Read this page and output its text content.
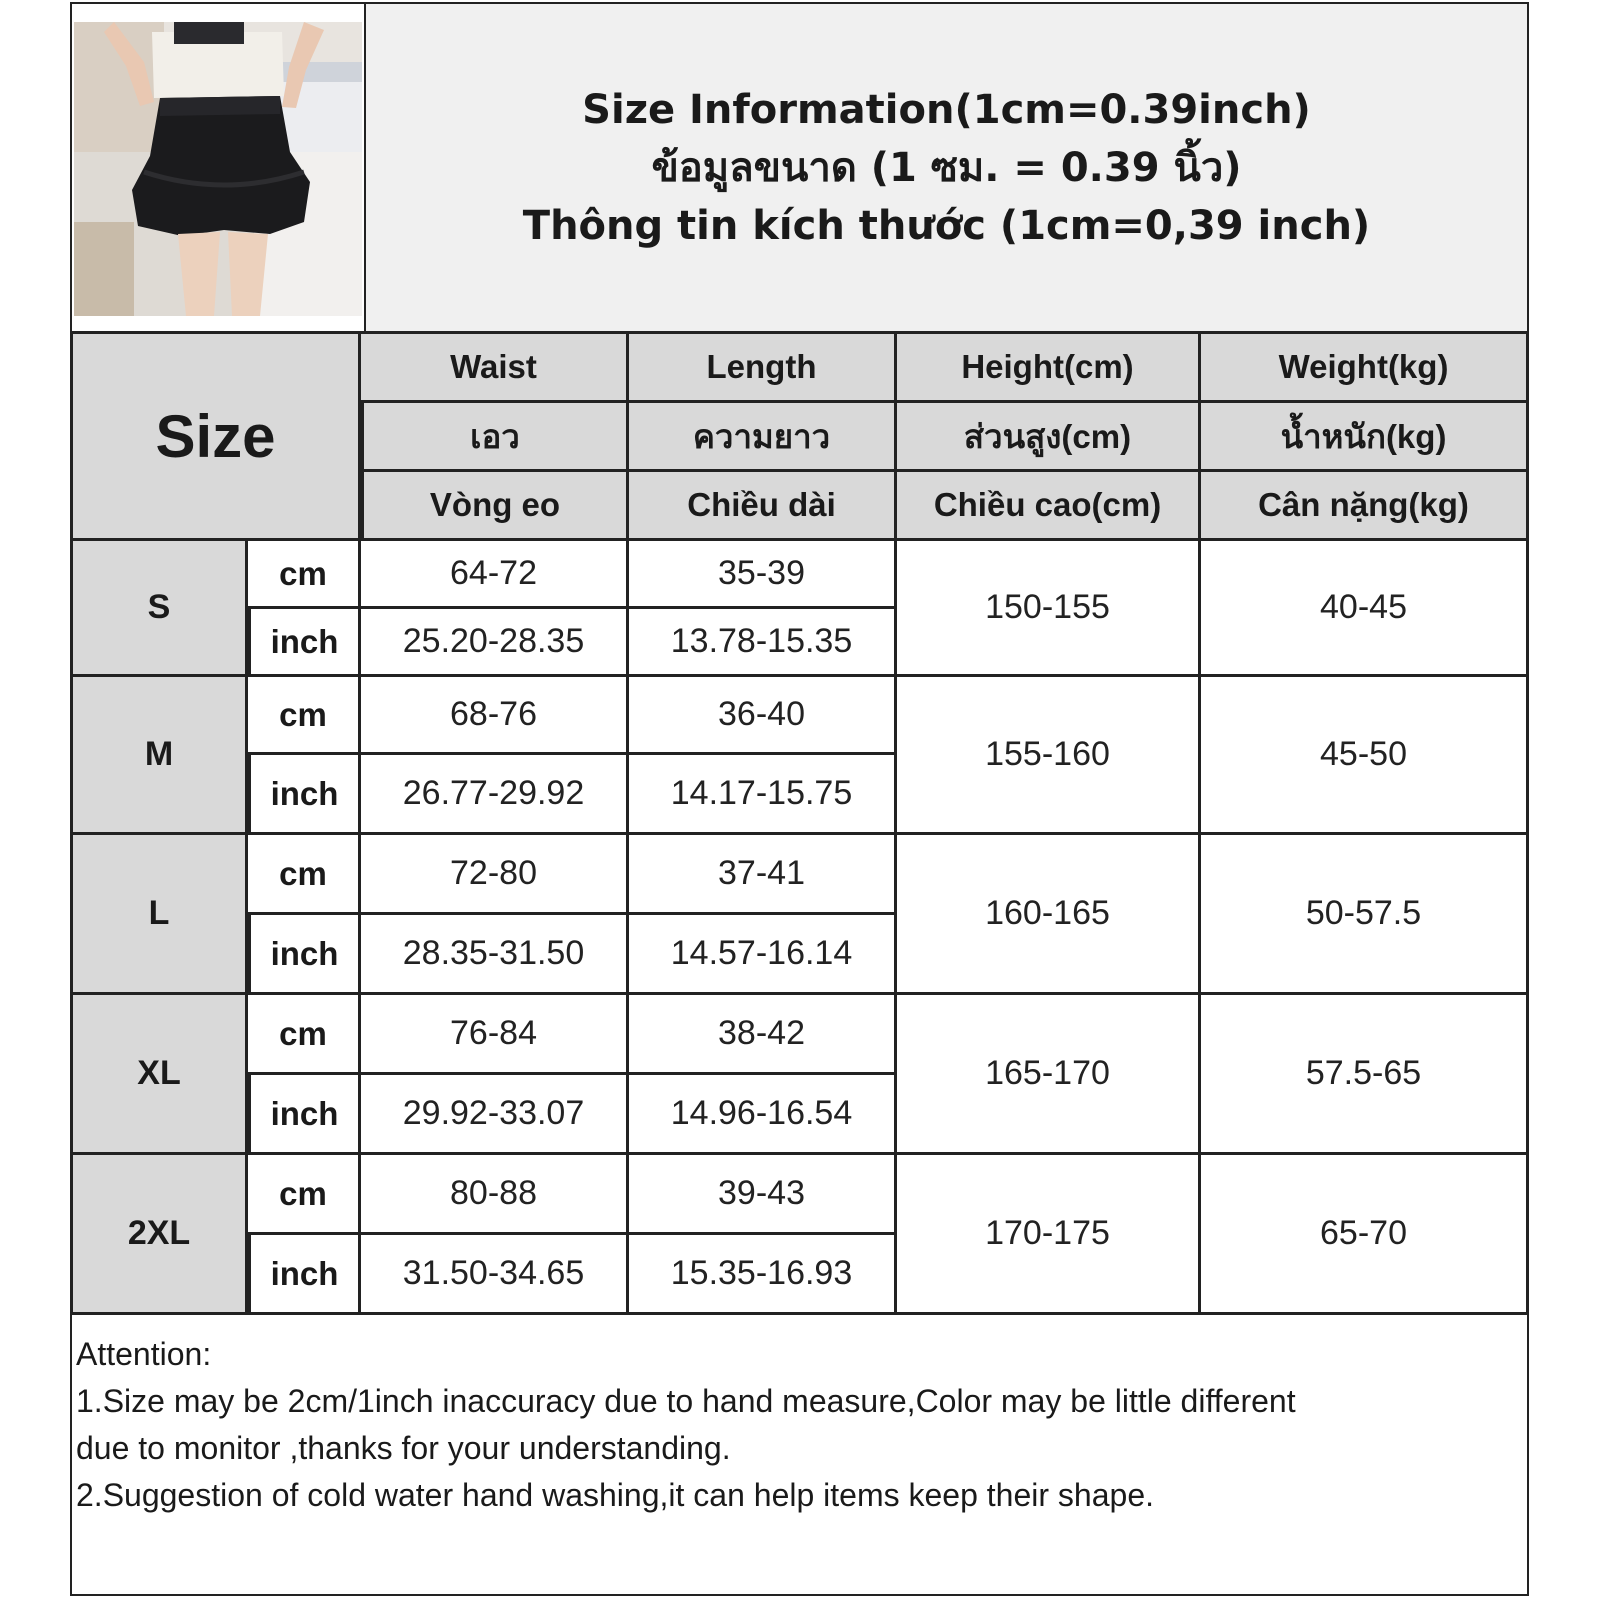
Size Information(1cm=0.39inch)
ข้อมูลขนาด (1 ซม. = 0.39 นิ้ว)
Thông tin kích thước (1cm=0,39 inch)
Size		Waist	Length	Height(cm)	Weight(kg)
		เอว	ความยาว	ส่วนสูง(cm)	น้ำหนัก(kg)
		Vòng eo	Chiều dài	Chiều cao(cm)	Cân nặng(kg)
S	cm	64-72	35-39	150-155	40-45
	inch	25.20-28.35	13.78-15.35		
M	cm	68-76	36-40	155-160	45-50
	inch	26.77-29.92	14.17-15.75		
L	cm	72-80	37-41	160-165	50-57.5
	inch	28.35-31.50	14.57-16.14		
XL	cm	76-84	38-42	165-170	57.5-65
	inch	29.92-33.07	14.96-16.54		
2XL	cm	80-88	39-43	170-175	65-70
	inch	31.50-34.65	15.35-16.93		

Attention:

1.Size may be 2cm/1inch inaccuracy due to hand measure,Color may be little different

due to monitor ,thanks for your understanding.

2.Suggestion of cold water hand washing,it can help items keep their shape.
